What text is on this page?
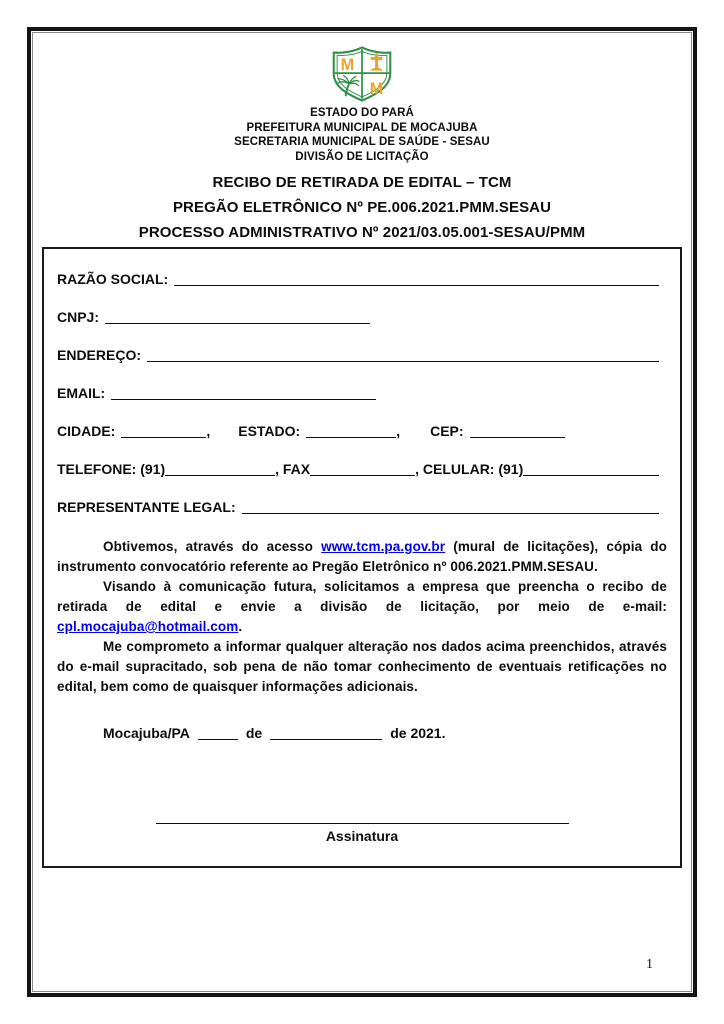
M
M
ESTADO DO PARÁ
PREFEITURA MUNICIPAL DE MOCAJUBA
SECRETARIA MUNICIPAL DE SAÚDE - SESAU
DIVISÃO DE LICITAÇÃO
RECIBO DE RETIRADA DE EDITAL – TCM
PREGÃO ELETRÔNICO Nº PE.006.2021.PMM.SESAU
PROCESSO ADMINISTRATIVO Nº 2021/03.05.001-SESAU/PMM
RAZÃO SOCIAL:
CNPJ:
ENDEREÇO:
EMAIL:
CIDADE:	, ESTADO:	, CEP:
TELEFONE: (91)	, FAX	, CELULAR: (91)
REPRESENTANTE LEGAL:

Obtivemos, através do acesso www.tcm.pa.gov.br (mural de licitações), cópia do instrumento convocatório referente ao Pregão Eletrônico nº 006.2021.PMM.SESAU.

Visando à comunicação futura, solicitamos a empresa que preencha o recibo de retirada de edital e envie a divisão de licitação, por meio de e-mail: cpl.mocajuba@hotmail.com.

Me comprometo a informar qualquer alteração nos dados acima preenchidos, através do e-mail supracitado, sob pena de não tomar conhecimento de eventuais retificações no edital, bem como de quaisquer informações adicionais.

Mocajuba/PA	de	de 2021.
Assinatura
1
